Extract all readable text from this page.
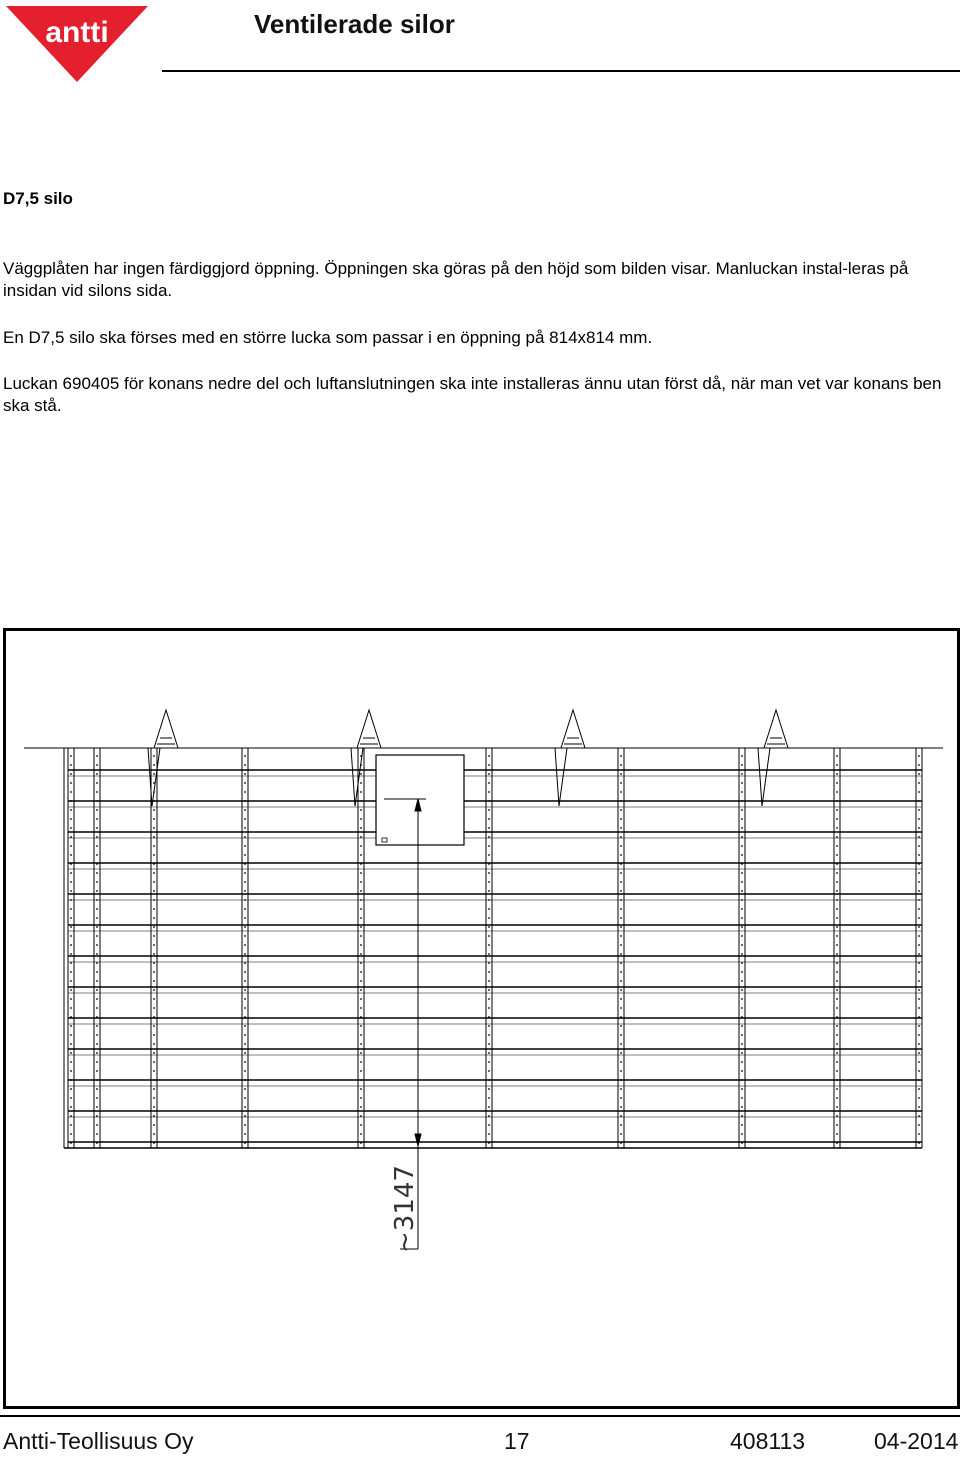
antti	Ventilerade silor
D7,5 silo

Väggplåten har ingen färdiggjord öppning. Öppningen ska göras på den höjd som bilden visar. Manluckan instal-leras på insidan vid silons sida.

En D7,5 silo ska förses med en större lucka som passar i en öppning på 814x814 mm.

Luckan 690405 för konans nedre del och luftanslutningen ska inte installeras ännu utan först då, när man vet var konans ben ska stå.

~3147
Antti-Teollisuus Oy	17	408113	04-2014
